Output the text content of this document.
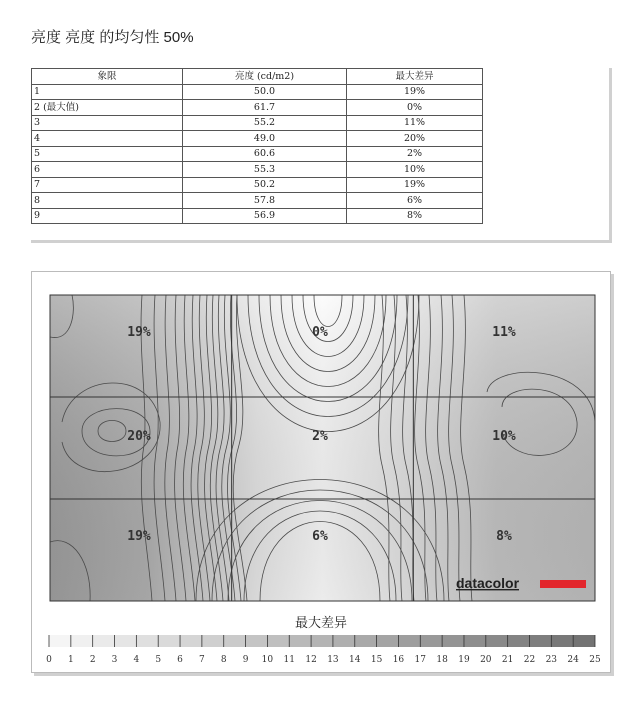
亮度 亮度 的均匀性 50%
象限	亮度 (cd/m2)	最大差异
1	50.0	19%
2 (最大值)	61.7	0%
3	55.2	11%
4	49.0	20%
5	60.6	2%
6	55.3	10%
7	50.2	19%
8	57.8	6%
9	56.9	8%
19%	0%	11%
20%	2%	10%
19%	6%	8%
datacolor
0 1 2 3 4 5 6 7 8 9 10 11 12 13 14 15 16 17 18 19 20 21 22 23 24 25
最大差异
